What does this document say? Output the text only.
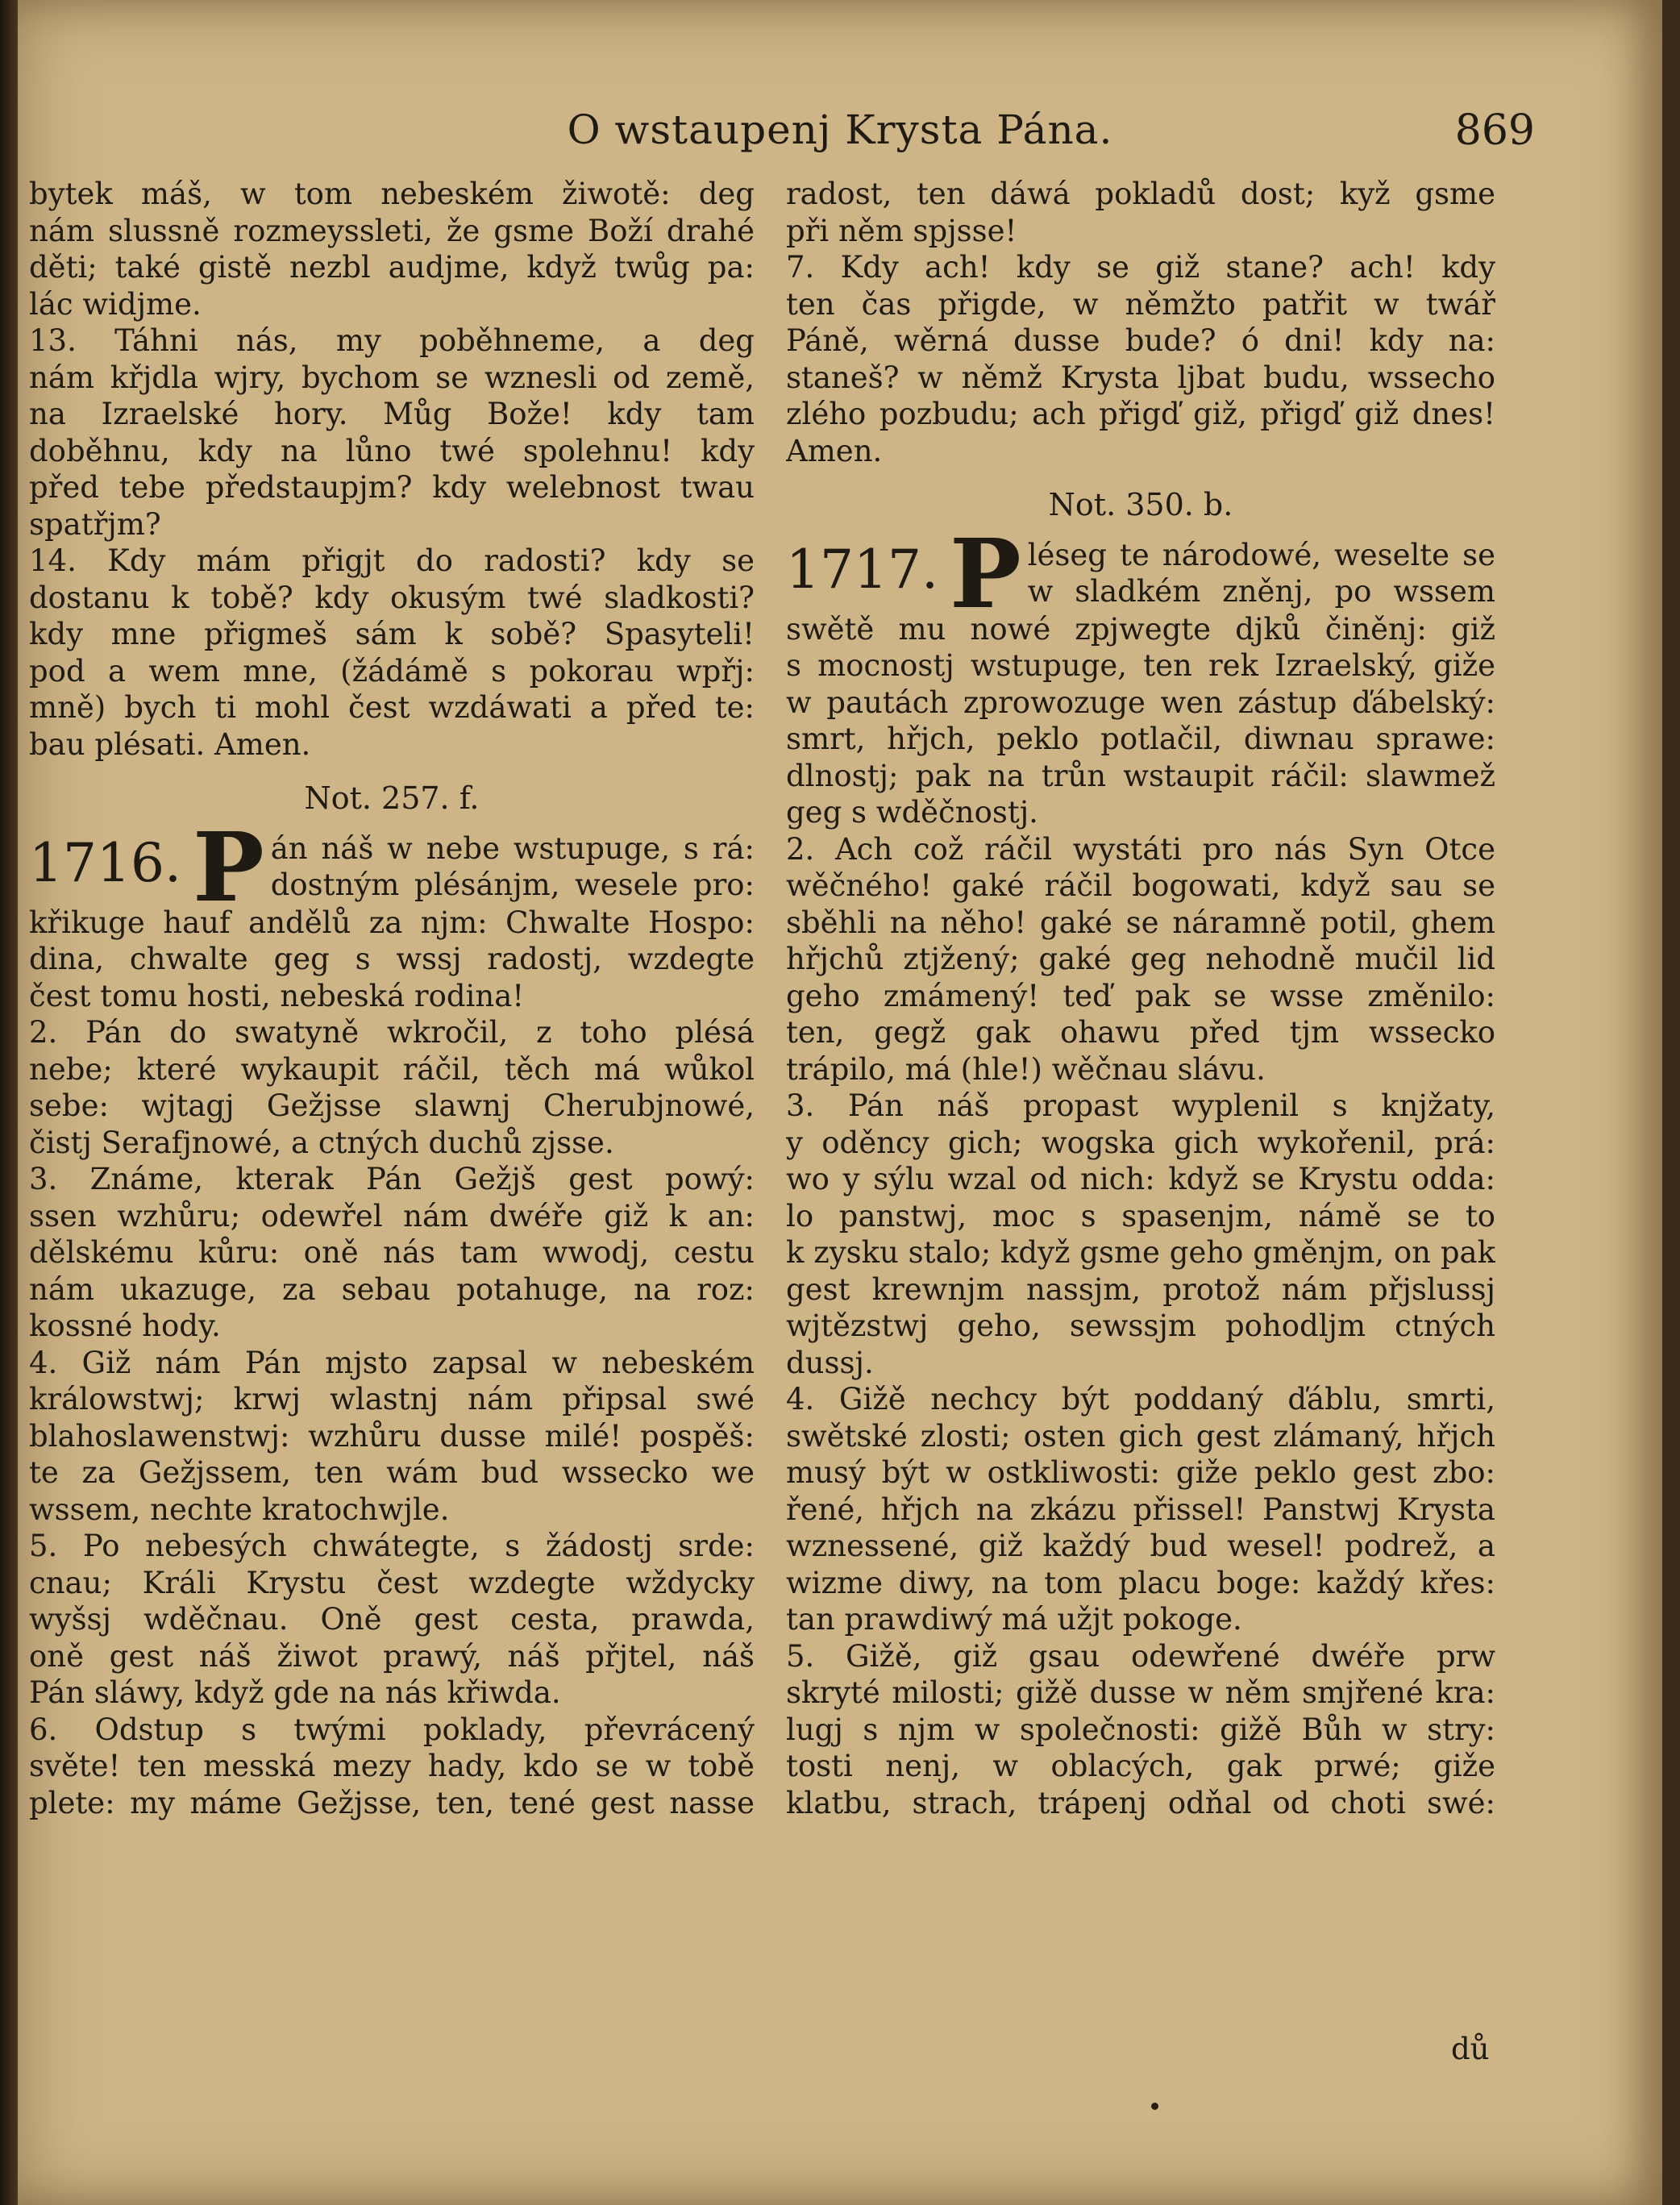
O wstaupenj Krysta Pána.	869
bytek máš, w tom nebeském žiwotě: deg
nám slussně rozmeyssleti, že gsme Boží drahé
děti; také gistě nezbl audjme, když twůg pa:
lác widjme.
13. Táhni nás, my poběhneme, a deg
nám křjdla wjry, bychom se wznesli od země,
na Izraelské hory. Můg Bože! kdy tam
doběhnu, kdy na lůno twé spolehnu! kdy
před tebe předstaupjm? kdy welebnost twau
spatřjm?
14. Kdy mám přigjt do radosti? kdy se
dostanu k tobě? kdy okusým twé sladkosti?
kdy mne přigmeš sám k sobě? Spasyteli!
pod a wem mne, (žádámě s pokorau wpřj:
mně) bych ti mohl čest wzdáwati a před te:
bau plésati. Amen.
Not. 257. f.
1716. P án náš w nebe wstupuge, s rá:
dostným plésánjm, wesele pro:
křikuge hauf andělů za njm: Chwalte Hospo:
dina, chwalte geg s wssj radostj, wzdegte
čest tomu hosti, nebeská rodina!
2. Pán do swatyně wkročil, z toho plésá
nebe; které wykaupit ráčil, těch má wůkol
sebe: wjtagj Gežjsse slawnj Cherubjnowé,
čistj Serafjnowé, a ctných duchů zjsse.
3. Známe, kterak Pán Gežjš gest powý:
ssen wzhůru; odewřel nám dwéře giž k an:
dělskému kůru: oně nás tam wwodj, cestu
nám ukazuge, za sebau potahuge, na roz:
kossné hody.
4. Giž nám Pán mjsto zapsal w nebeském
králowstwj; krwj wlastnj nám připsal swé
blahoslawenstwj: wzhůru dusse milé! pospěš:
te za Gežjssem, ten wám bud wssecko we
wssem, nechte kratochwjle.
5. Po nebesých chwátegte, s žádostj srde:
cnau; Králi Krystu čest wzdegte wždycky
wyšsj wděčnau. Oně gest cesta, prawda,
oně gest náš žiwot prawý, náš přjtel, náš
Pán sláwy, když gde na nás křiwda.
6. Odstup s twými poklady, převrácený
světe! ten messká mezy hady, kdo se w tobě
plete: my máme Gežjsse, ten, tené gest nasse
radost, ten dáwá pokladů dost; kyž gsme
při něm spjsse!
7. Kdy ach! kdy se giž stane? ach! kdy
ten čas přigde, w němžto patřit w twář
Páně, wěrná dusse bude? ó dni! kdy na:
staneš? w němž Krysta ljbat budu, wssecho
zlého pozbudu; ach přigď giž, přigď giž dnes!
Amen.
Not. 350. b.
1717. P léseg te národowé, weselte se
w sladkém zněnj, po wssem
swětě mu nowé zpjwegte djků činěnj: giž
s mocnostj wstupuge, ten rek Izraelský, giže
w pautách zprowozuge wen zástup ďábelský:
smrt, hřjch, peklo potlačil, diwnau sprawe:
dlnostj; pak na trůn wstaupit ráčil: slawmež
geg s wděčnostj.
2. Ach což ráčil wystáti pro nás Syn Otce
wěčného! gaké ráčil bogowati, když sau se
sběhli na něho! gaké se náramně potil, ghem
hřjchů ztjžený; gaké geg nehodně mučil lid
geho zmámený! teď pak se wsse změnilo:
ten, gegž gak ohawu před tjm wssecko
trápilo, má (hle!) wěčnau slávu.
3. Pán náš propast wyplenil s knjžaty,
y oděncy gich; wogska gich wykořenil, prá:
wo y sýlu wzal od nich: když se Krystu odda:
lo panstwj, moc s spasenjm, námě se to
k zysku stalo; když gsme geho gměnjm, on pak
gest krewnjm nassjm, protož nám přjslussj
wjtězstwj geho, sewssjm pohodljm ctných
dussj.
4. Gižě nechcy být poddaný ďáblu, smrti,
swětské zlosti; osten gich gest zlámaný, hřjch
musý být w ostkliwosti: giže peklo gest zbo:
řené, hřjch na zkázu přissel! Panstwj Krysta
wznessené, giž každý bud wesel! podrež, a
wizme diwy, na tom placu boge: každý křes:
tan prawdiwý má užjt pokoge.
5. Gižě, giž gsau odewřené dwéře prw
skryté milosti; gižě dusse w něm smjřené kra:
lugj s njm w společnosti: gižě Bůh w stry:
tosti nenj, w oblacých, gak prwé; giže
klatbu, strach, trápenj odňal od choti swé:
dů
